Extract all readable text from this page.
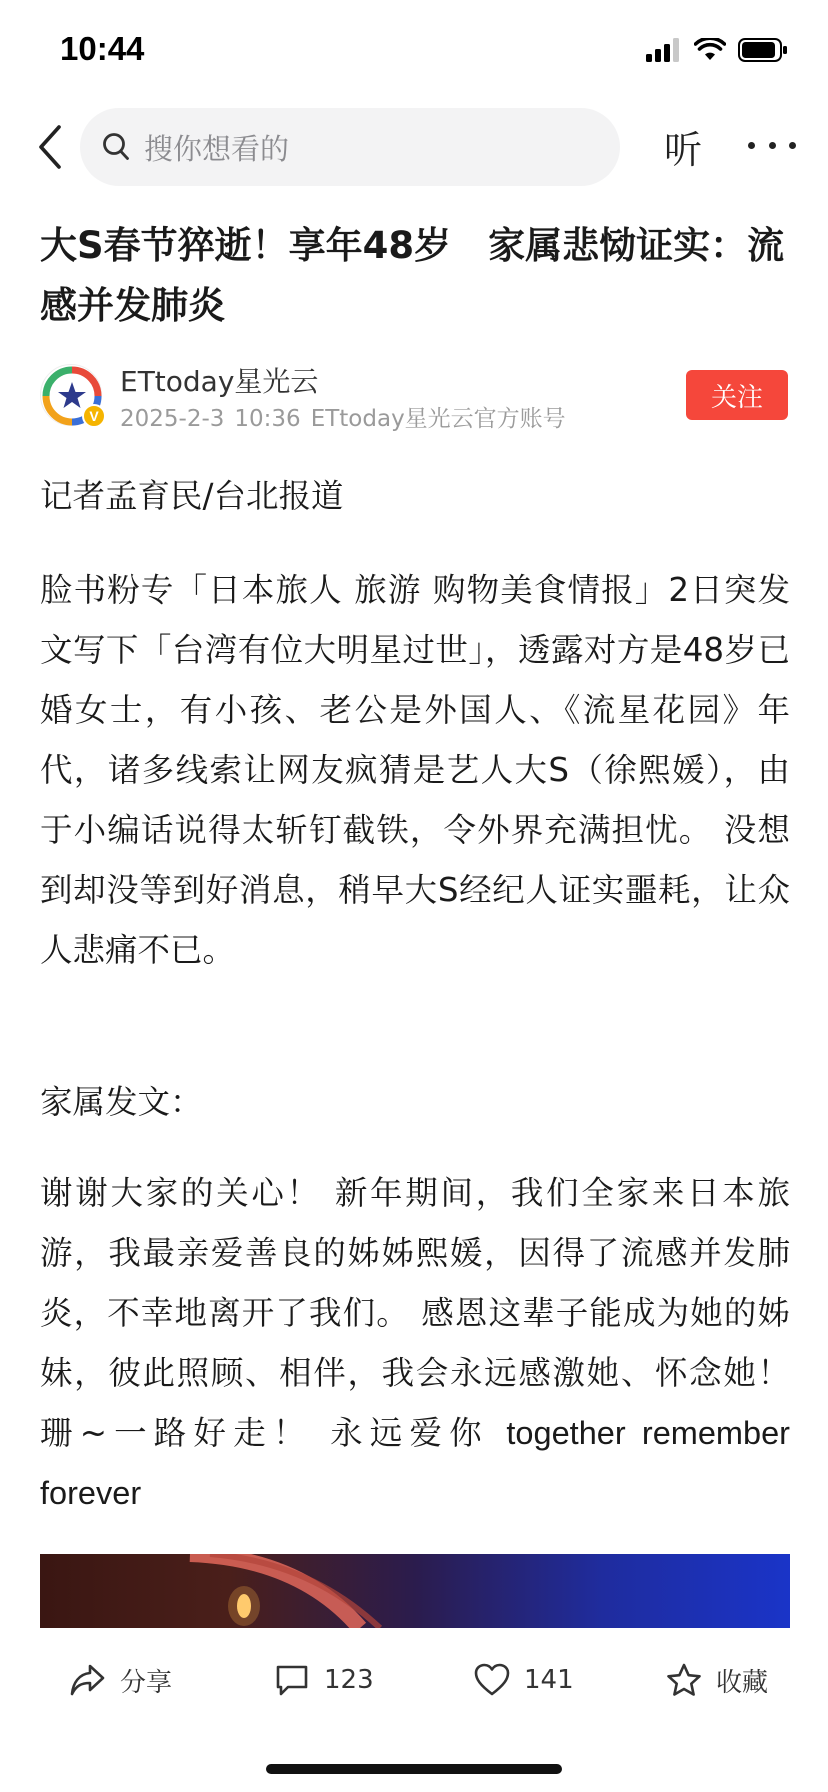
10:44
搜你想看的	听
大S春节猝逝！享年48岁　家属悲恸证实：流感并发肺炎
V
ETtoday星光云
2025-2-3 10:36 ETtoday星光云官方账号
关注

记者孟育民/台北报道

脸书粉专「日本旅人 旅游 购物美食情报」2日突发文写下「台湾有位大明星过世」，透露对方是48岁已婚女士，有小孩、老公是外国人、《流星花园》年代，诸多线索让网友疯猜是艺人大S（徐熙媛），由于小编话说得太斩钉截铁，令外界充满担忧。 没想到却没等到好消息，稍早大S经纪人证实噩耗，让众人悲痛不已。

家属发文：

谢谢大家的关心！ 新年期间，我们全家来日本旅游，我最亲爱善良的姊姊熙媛，因得了流感并发肺炎，不幸地离开了我们。 感恩这辈子能成为她的姊妹，彼此照顾、相伴，我会永远感激她、怀念她！ 珊~一路好走！ 永远爱你 together remember forever

分享	123	141	收藏
